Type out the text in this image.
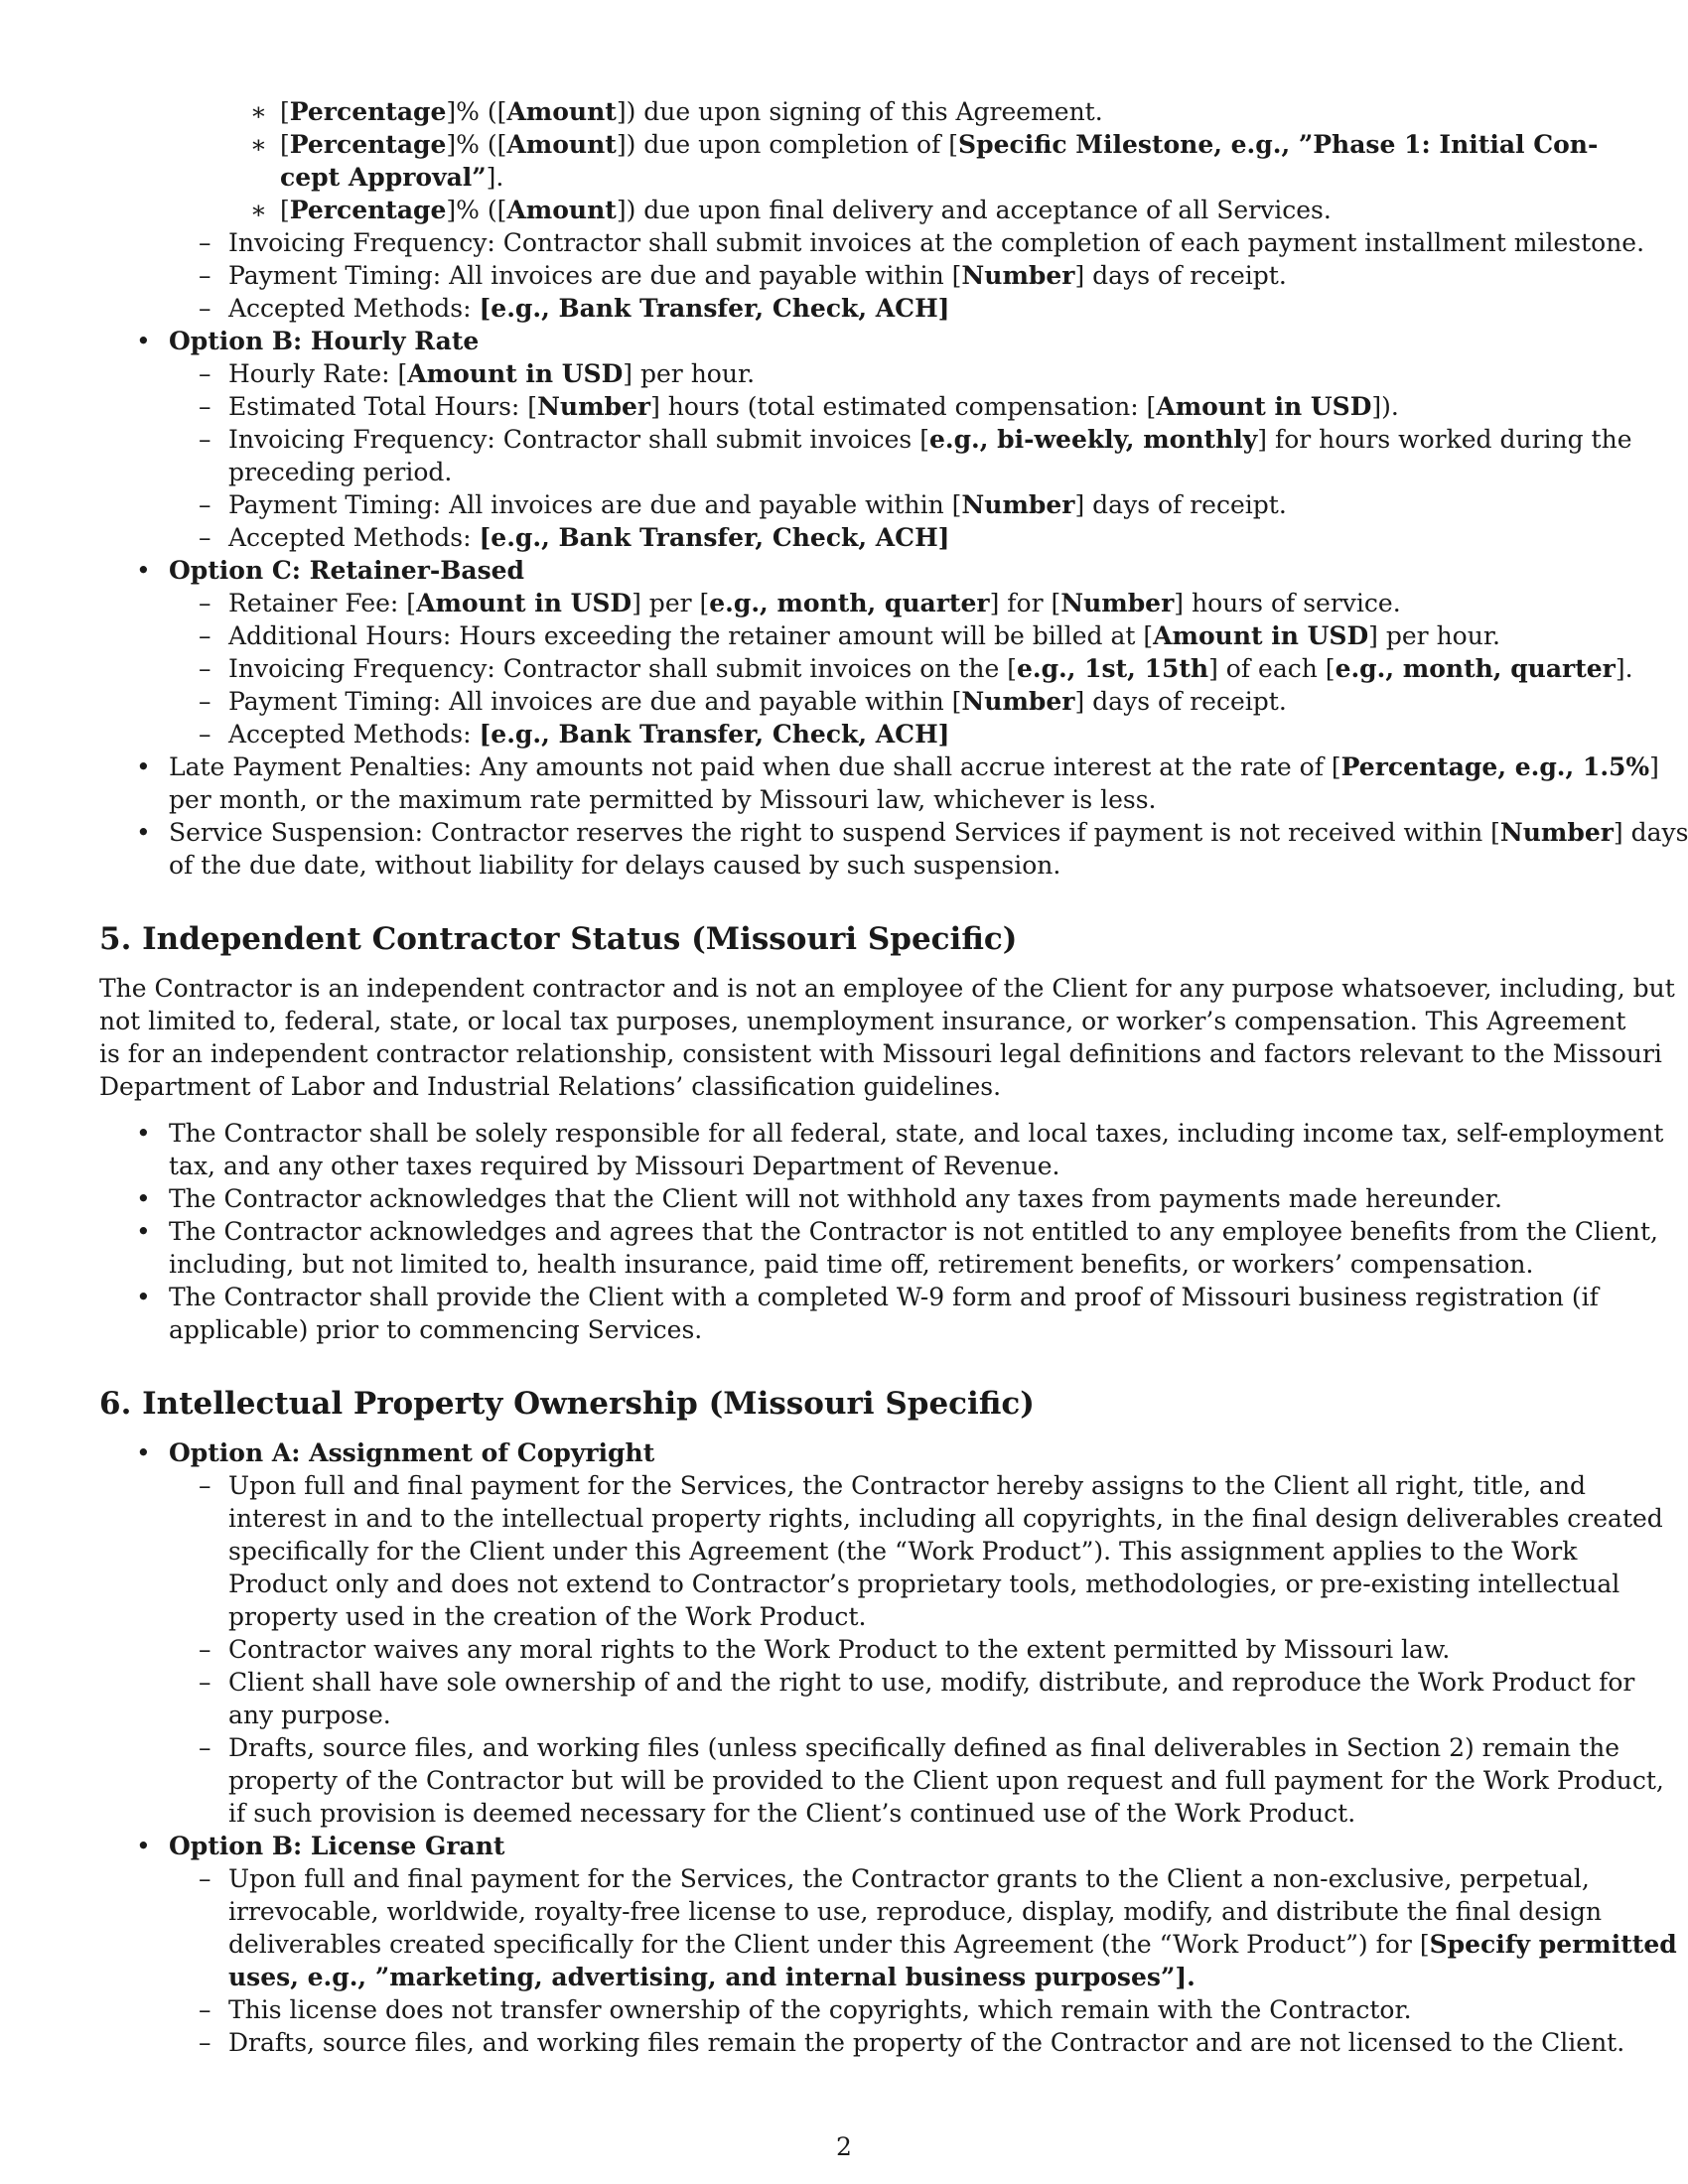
∗ [Percentage]% ([Amount]) due upon signing of this Agreement.
∗ [Percentage]% ([Amount]) due upon completion of [Specific Milestone, e.g., ”Phase 1: Initial Con-
cept Approval”].
∗ [Percentage]% ([Amount]) due upon final delivery and acceptance of all Services.
– Invoicing Frequency: Contractor shall submit invoices at the completion of each payment installment milestone.
– Payment Timing: All invoices are due and payable within [Number] days of receipt.
– Accepted Methods: [e.g., Bank Transfer, Check, ACH]
• Option B: Hourly Rate
– Hourly Rate: [Amount in USD] per hour.
– Estimated Total Hours: [Number] hours (total estimated compensation: [Amount in USD]).
– Invoicing Frequency: Contractor shall submit invoices [e.g., bi-weekly, monthly] for hours worked during the
preceding period.
– Payment Timing: All invoices are due and payable within [Number] days of receipt.
– Accepted Methods: [e.g., Bank Transfer, Check, ACH]
• Option C: Retainer-Based
– Retainer Fee: [Amount in USD] per [e.g., month, quarter] for [Number] hours of service.
– Additional Hours: Hours exceeding the retainer amount will be billed at [Amount in USD] per hour.
– Invoicing Frequency: Contractor shall submit invoices on the [e.g., 1st, 15th] of each [e.g., month, quarter].
– Payment Timing: All invoices are due and payable within [Number] days of receipt.
– Accepted Methods: [e.g., Bank Transfer, Check, ACH]
• Late Payment Penalties: Any amounts not paid when due shall accrue interest at the rate of [Percentage, e.g., 1.5%]
per month, or the maximum rate permitted by Missouri law, whichever is less.
• Service Suspension: Contractor reserves the right to suspend Services if payment is not received within [Number] days
of the due date, without liability for delays caused by such suspension.
5. Independent Contractor Status (Missouri Specific)
The Contractor is an independent contractor and is not an employee of the Client for any purpose whatsoever, including, but
not limited to, federal, state, or local tax purposes, unemployment insurance, or worker’s compensation. This Agreement
is for an independent contractor relationship, consistent with Missouri legal definitions and factors relevant to the Missouri
Department of Labor and Industrial Relations’ classification guidelines.
• The Contractor shall be solely responsible for all federal, state, and local taxes, including income tax, self-employment
tax, and any other taxes required by Missouri Department of Revenue.
• The Contractor acknowledges that the Client will not withhold any taxes from payments made hereunder.
• The Contractor acknowledges and agrees that the Contractor is not entitled to any employee benefits from the Client,
including, but not limited to, health insurance, paid time off, retirement benefits, or workers’ compensation.
• The Contractor shall provide the Client with a completed W-9 form and proof of Missouri business registration (if
applicable) prior to commencing Services.
6. Intellectual Property Ownership (Missouri Specific)
• Option A: Assignment of Copyright
– Upon full and final payment for the Services, the Contractor hereby assigns to the Client all right, title, and
interest in and to the intellectual property rights, including all copyrights, in the final design deliverables created
specifically for the Client under this Agreement (the “Work Product”). This assignment applies to the Work
Product only and does not extend to Contractor’s proprietary tools, methodologies, or pre-existing intellectual
property used in the creation of the Work Product.
– Contractor waives any moral rights to the Work Product to the extent permitted by Missouri law.
– Client shall have sole ownership of and the right to use, modify, distribute, and reproduce the Work Product for
any purpose.
– Drafts, source files, and working files (unless specifically defined as final deliverables in Section 2) remain the
property of the Contractor but will be provided to the Client upon request and full payment for the Work Product,
if such provision is deemed necessary for the Client’s continued use of the Work Product.
• Option B: License Grant
– Upon full and final payment for the Services, the Contractor grants to the Client a non-exclusive, perpetual,
irrevocable, worldwide, royalty-free license to use, reproduce, display, modify, and distribute the final design
deliverables created specifically for the Client under this Agreement (the “Work Product”) for [Specify permitted
uses, e.g., ”marketing, advertising, and internal business purposes”].
– This license does not transfer ownership of the copyrights, which remain with the Contractor.
– Drafts, source files, and working files remain the property of the Contractor and are not licensed to the Client.
2
